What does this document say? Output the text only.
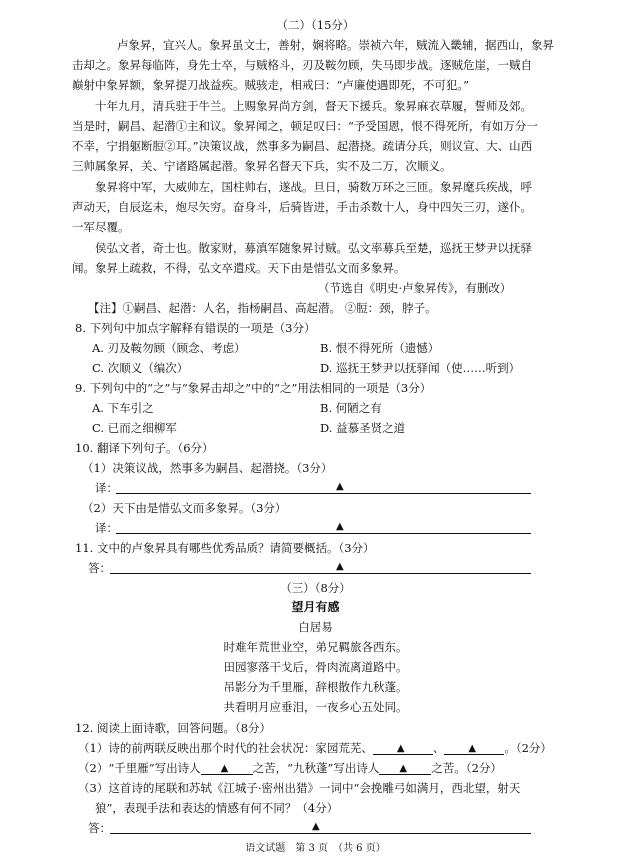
（二）（15分）
卢象昇，宜兴人。象昇虽文士，善射，娴将略。崇祯六年，贼流入畿辅，据西山，象昇
击却之。象昇每临阵，身先士卒，与贼格斗，刃及鞍勿顾，失马即步战。逐贼危崖，一贼自
巅射中象昇额，象昇提刀战益疾。贼骇走，相戒曰：“卢廉使遇即死，不可犯。”
十年九月，清兵驻于牛兰。上赐象昇尚方剑，督天下援兵。象昇麻衣草履，誓师及郊。
当是时，嗣昌、起潜①主和议。象昇闻之，顿足叹曰：“予受国恩，恨不得死所，有如万分一
不幸，宁捐躯断脰②耳。”决策议战，然事多为嗣昌、起潜挠。疏请分兵，则议宣、大、山西
三帅属象昇，关、宁诸路属起潜。象昇名督天下兵，实不及二万，次顺义。
象昇将中军，大威帅左，国柱帅右，遂战。旦日，骑数万环之三匝。象昇麾兵疾战，呼
声动天，自辰迄未，炮尽矢穷。奋身斗，后骑皆进，手击杀数十人，身中四矢三刃，遂仆。
一军尽覆。
侯弘文者，奇士也。散家财，募滇军随象昇讨贼。弘文率募兵至楚，巡抚王梦尹以抚驿
闻。象昇上疏救，不得，弘文卒遣戍。天下由是惜弘文而多象昇。
（节选自《明史·卢象昇传》，有删改）
【注】①嗣昌、起潜：人名，指杨嗣昌、高起潜。 ②脰：颈，脖子。
8. 下列句中加点字解释有错误的一项是（3分）
A. 刃及鞍勿顾（顾念、考虑）	B. 恨不得死所（遗憾）
C. 次顺义（编次）	D. 巡抚王梦尹以抚驿闻（使……听到）
9. 下列句中的“之”与“象昇击却之”中的“之”用法相同的一项是（3分）
A. 下车引之	B. 何陋之有
C. 已而之细柳军	D. 益慕圣贤之道
10. 翻译下列句子。（6分）
（1）决策议战，然事多为嗣昌、起潜挠。（3分）
译：	▲
（2）天下由是惜弘文而多象昇。（3分）
译：	▲
11. 文中的卢象昇具有哪些优秀品质？请简要概括。（3分）
答：	▲
（三）（8分）
望月有感
白居易
时难年荒世业空，弟兄羁旅各西东。
田园寥落干戈后，骨肉流离道路中。
吊影分为千里雁，辞根散作九秋蓬。
共看明月应垂泪，一夜乡心五处同。
12. 阅读上面诗歌，回答问题。（8分）
（1）诗的前两联反映出那个时代的社会状况：家园荒芜、 ▲ 、 ▲ 。（2分）
（2）“千里雁”写出诗人 ▲ 之苦，“九秋蓬”写出诗人 ▲ 之苦。（2分）
（3）这首诗的尾联和苏轼《江城子·密州出猎》一词中“会挽雕弓如满月，西北望，射天
狼”，表现手法和表达的情感有何不同？（4分）
语文试题　第 3 页　（共 6 页）
答：	▲
